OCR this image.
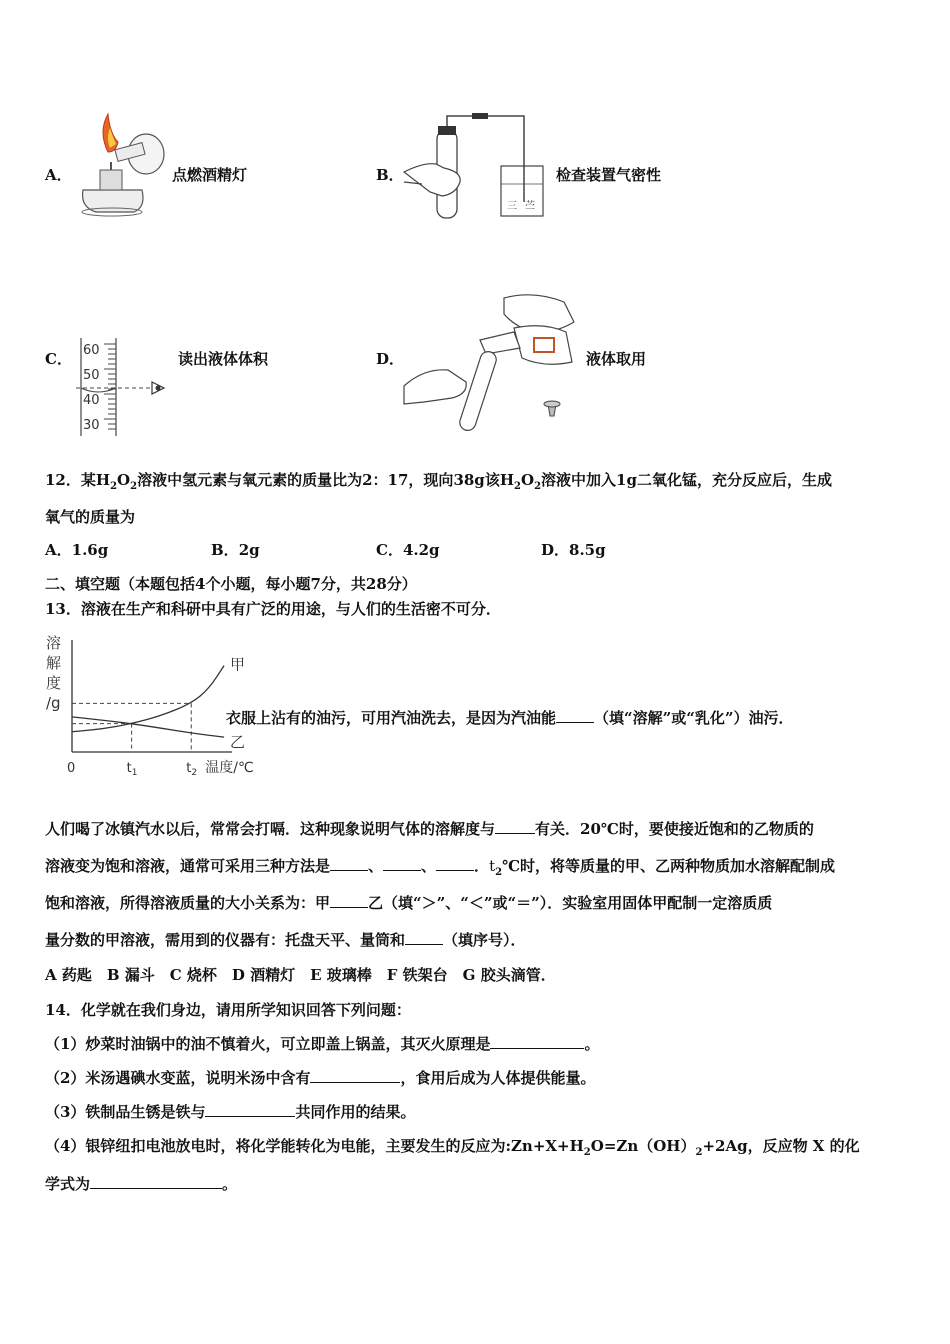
A．	点燃酒精灯	B．
三 苎
检查装置气密性
C． 60
50
40
30
读出液体体积	D．	液体取用
12．某$H_2O_2$溶液中氢元素与氧元素的质量比为2：17，现向38g该$H_2O_2$溶液中加入1g二氧化锰，充分反应后，生成
氧气的质量为
A．1.6g	B．2g	C．4.2g	D．8.5g
二、填空题（本题包括4个小题，每小题7分，共28分）
13．溶液在生产和科研中具有广泛的用途，与人们的生活密不可分．
溶
解
度
/g
甲
乙
0	$t_1$	$t_2$ 温度/℃
衣服上沾有的油污，可用汽油洗去，是因为汽油能	（填“溶解”或“乳化”）油污．
人们喝了冰镇汽水以后，常常会打嗝．这种现象说明气体的溶解度与	有关．20℃时，要使接近饱和的乙物质的
溶液变为饱和溶液，通常可采用三种方法是	、	、	．$t_2℃$时，将等质量的甲、乙两种物质加水溶解配制成
饱和溶液，所得溶液质量的大小关系为：甲	乙（填“＞”、“＜”或“＝”）．实验室用固体甲配制一定溶质质
量分数的甲溶液，需用到的仪器有：托盘天平、量筒和	（填序号）．
A 药匙　B 漏斗　C 烧杯　D 酒精灯　E 玻璃棒　F 铁架台　G 胶头滴管．
14．化学就在我们身边，请用所学知识回答下列问题：
（1）炒菜时油锅中的油不慎着火，可立即盖上锅盖，其灭火原理是	。
（2）米汤遇碘水变蓝，说明米汤中含有	，食用后成为人体提供能量。
（3）铁制品生锈是铁与	共同作用的结果。
（4）银锌纽扣电池放电时，将化学能转化为电能，主要发生的反应为$:Zn+X+H_2O=Zn(OH)_2+2Ag$，反应物 X 的化
学式为	。
